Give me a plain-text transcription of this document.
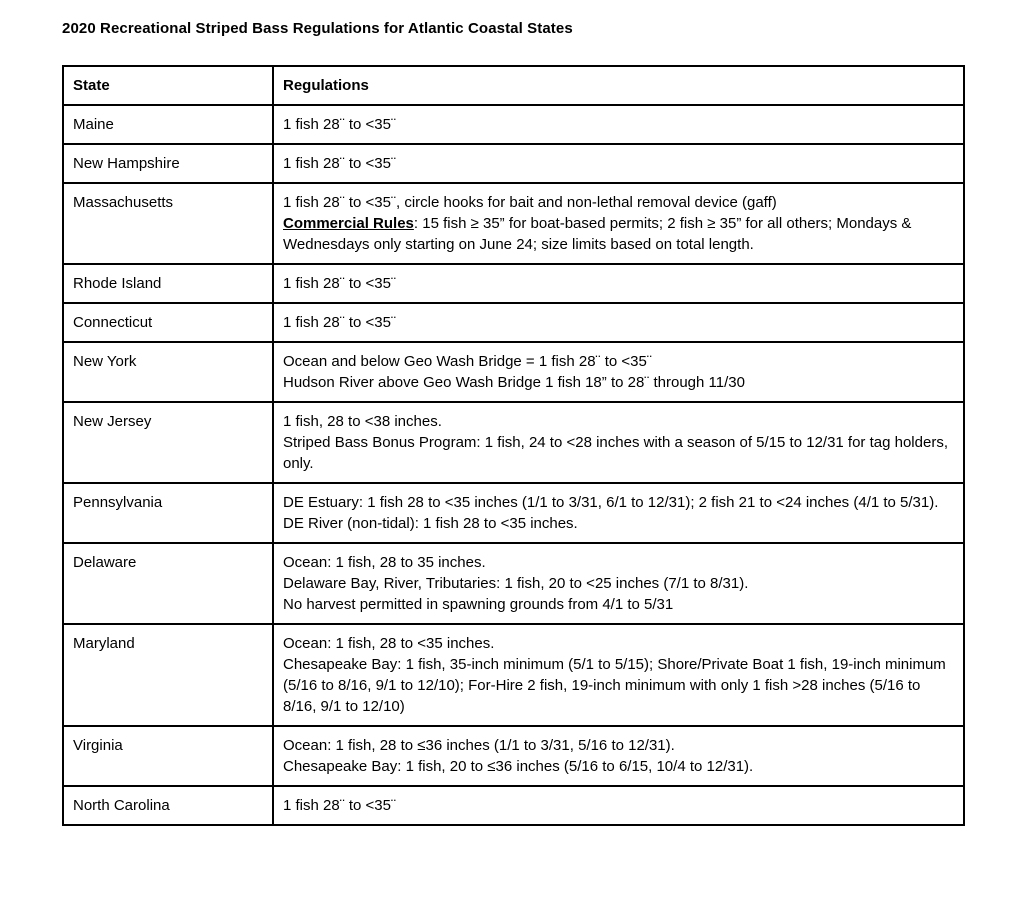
2020 Recreational Striped Bass Regulations for Atlantic Coastal States
State	Regulations
Maine	1 fish 28¨ to <35¨

New Hampshire	1 fish 28¨ to <35¨

Massachusetts	1 fish 28¨ to <35¨, circle hooks for bait and non-lethal removal device (gaff)

Commercial Rules: 15 fish ≥ 35” for boat-based permits; 2 fish ≥ 35” for all others; Mondays & Wednesdays only starting on June 24; size limits based on total length.

Rhode Island	1 fish 28¨ to <35¨

Connecticut	1 fish 28¨ to <35¨

New York	Ocean and below Geo Wash Bridge = 1 fish 28¨ to <35¨

Hudson River above Geo Wash Bridge 1 fish 18” to 28¨ through 11/30

New Jersey	1 fish, 28 to <38 inches.

Striped Bass Bonus Program: 1 fish, 24 to <28 inches with a season of 5/15 to 12/31 for tag holders, only.

Pennsylvania	DE Estuary: 1 fish 28 to <35 inches (1/1 to 3/31, 6/1 to 12/31); 2 fish 21 to <24 inches (4/1 to 5/31).

DE River (non-tidal): 1 fish 28 to <35 inches.

Delaware	Ocean: 1 fish, 28 to 35 inches.

Delaware Bay, River, Tributaries: 1 fish, 20 to <25 inches (7/1 to 8/31).

No harvest permitted in spawning grounds from 4/1 to 5/31

Maryland	Ocean: 1 fish, 28 to <35 inches.

Chesapeake Bay: 1 fish, 35-inch minimum (5/1 to 5/15); Shore/Private Boat 1 fish, 19-inch minimum (5/16 to 8/16, 9/1 to 12/10); For-Hire 2 fish, 19-inch minimum with only 1 fish >28 inches (5/16 to 8/16, 9/1 to 12/10)

Virginia	Ocean: 1 fish, 28 to ≤36 inches (1/1 to 3/31, 5/16 to 12/31).

Chesapeake Bay: 1 fish, 20 to ≤36 inches (5/16 to 6/15, 10/4 to 12/31).

North Carolina	1 fish 28¨ to <35¨
